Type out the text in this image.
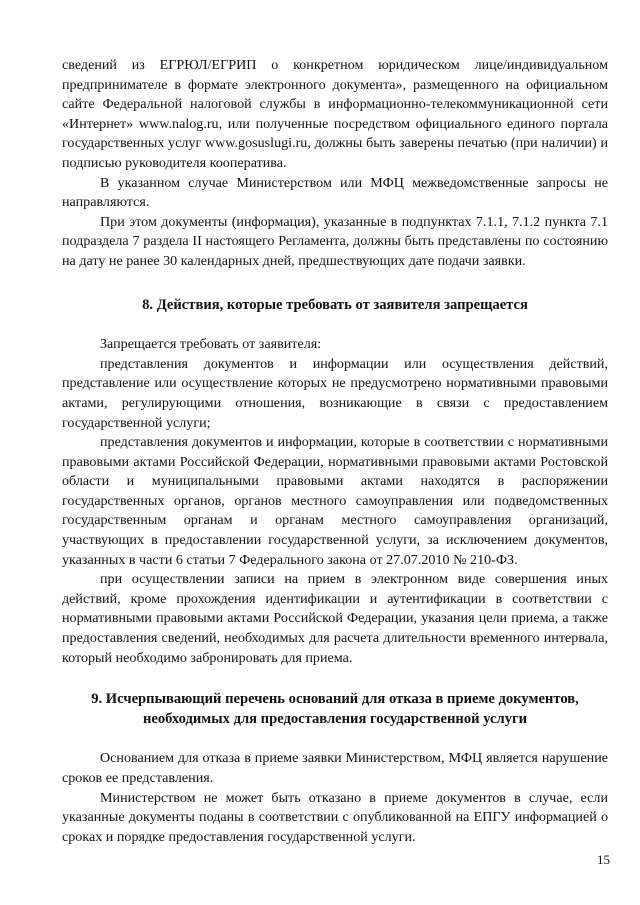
сведений из ЕГРЮЛ/ЕГРИП о конкретном юридическом лице/индивидуальном предпринимателе в формате электронного документа», размещенного на официальном сайте Федеральной налоговой службы в информационно-телекоммуникационной сети «Интернет» www.nalog.ru, или полученные посредством официального единого портала государственных услуг www.gosuslugi.ru, должны быть заверены печатью (при наличии) и подписью руководителя кооператива.

В указанном случае Министерством или МФЦ межведомственные запросы не направляются.

При этом документы (информация), указанные в подпунктах 7.1.1, 7.1.2 пункта 7.1 подраздела 7 раздела II настоящего Регламента, должны быть представлены по состоянию на дату не ранее 30 календарных дней, предшествующих дате подачи заявки.

8. Действия, которые требовать от заявителя запрещается

Запрещается требовать от заявителя:

представления документов и информации или осуществления действий, представление или осуществление которых не предусмотрено нормативными правовыми актами, регулирующими отношения, возникающие в связи с предоставлением государственной услуги;

представления документов и информации, которые в соответствии с нормативными правовыми актами Российской Федерации, нормативными правовыми актами Ростовской области и муниципальными правовыми актами находятся в распоряжении государственных органов, органов местного самоуправления или подведомственных государственным органам и органам местного самоуправления организаций, участвующих в предоставлении государственной услуги, за исключением документов, указанных в части 6 статьи 7 Федерального закона от 27.07.2010 № 210-ФЗ.

при осуществлении записи на прием в электронном виде совершения иных действий, кроме прохождения идентификации и аутентификации в соответствии с нормативными правовыми актами Российской Федерации, указания цели приема, а также предоставления сведений, необходимых для расчета длительности временного интервала, который необходимо забронировать для приема.

9. Исчерпывающий перечень оснований для отказа в приеме документов,
необходимых для предоставления государственной услуги

Основанием для отказа в приеме заявки Министерством, МФЦ является нарушение сроков ее представления.

Министерством не может быть отказано в приеме документов в случае, если указанные документы поданы в соответствии с опубликованной на ЕПГУ информацией о сроках и порядке предоставления государственной услуги.

15
